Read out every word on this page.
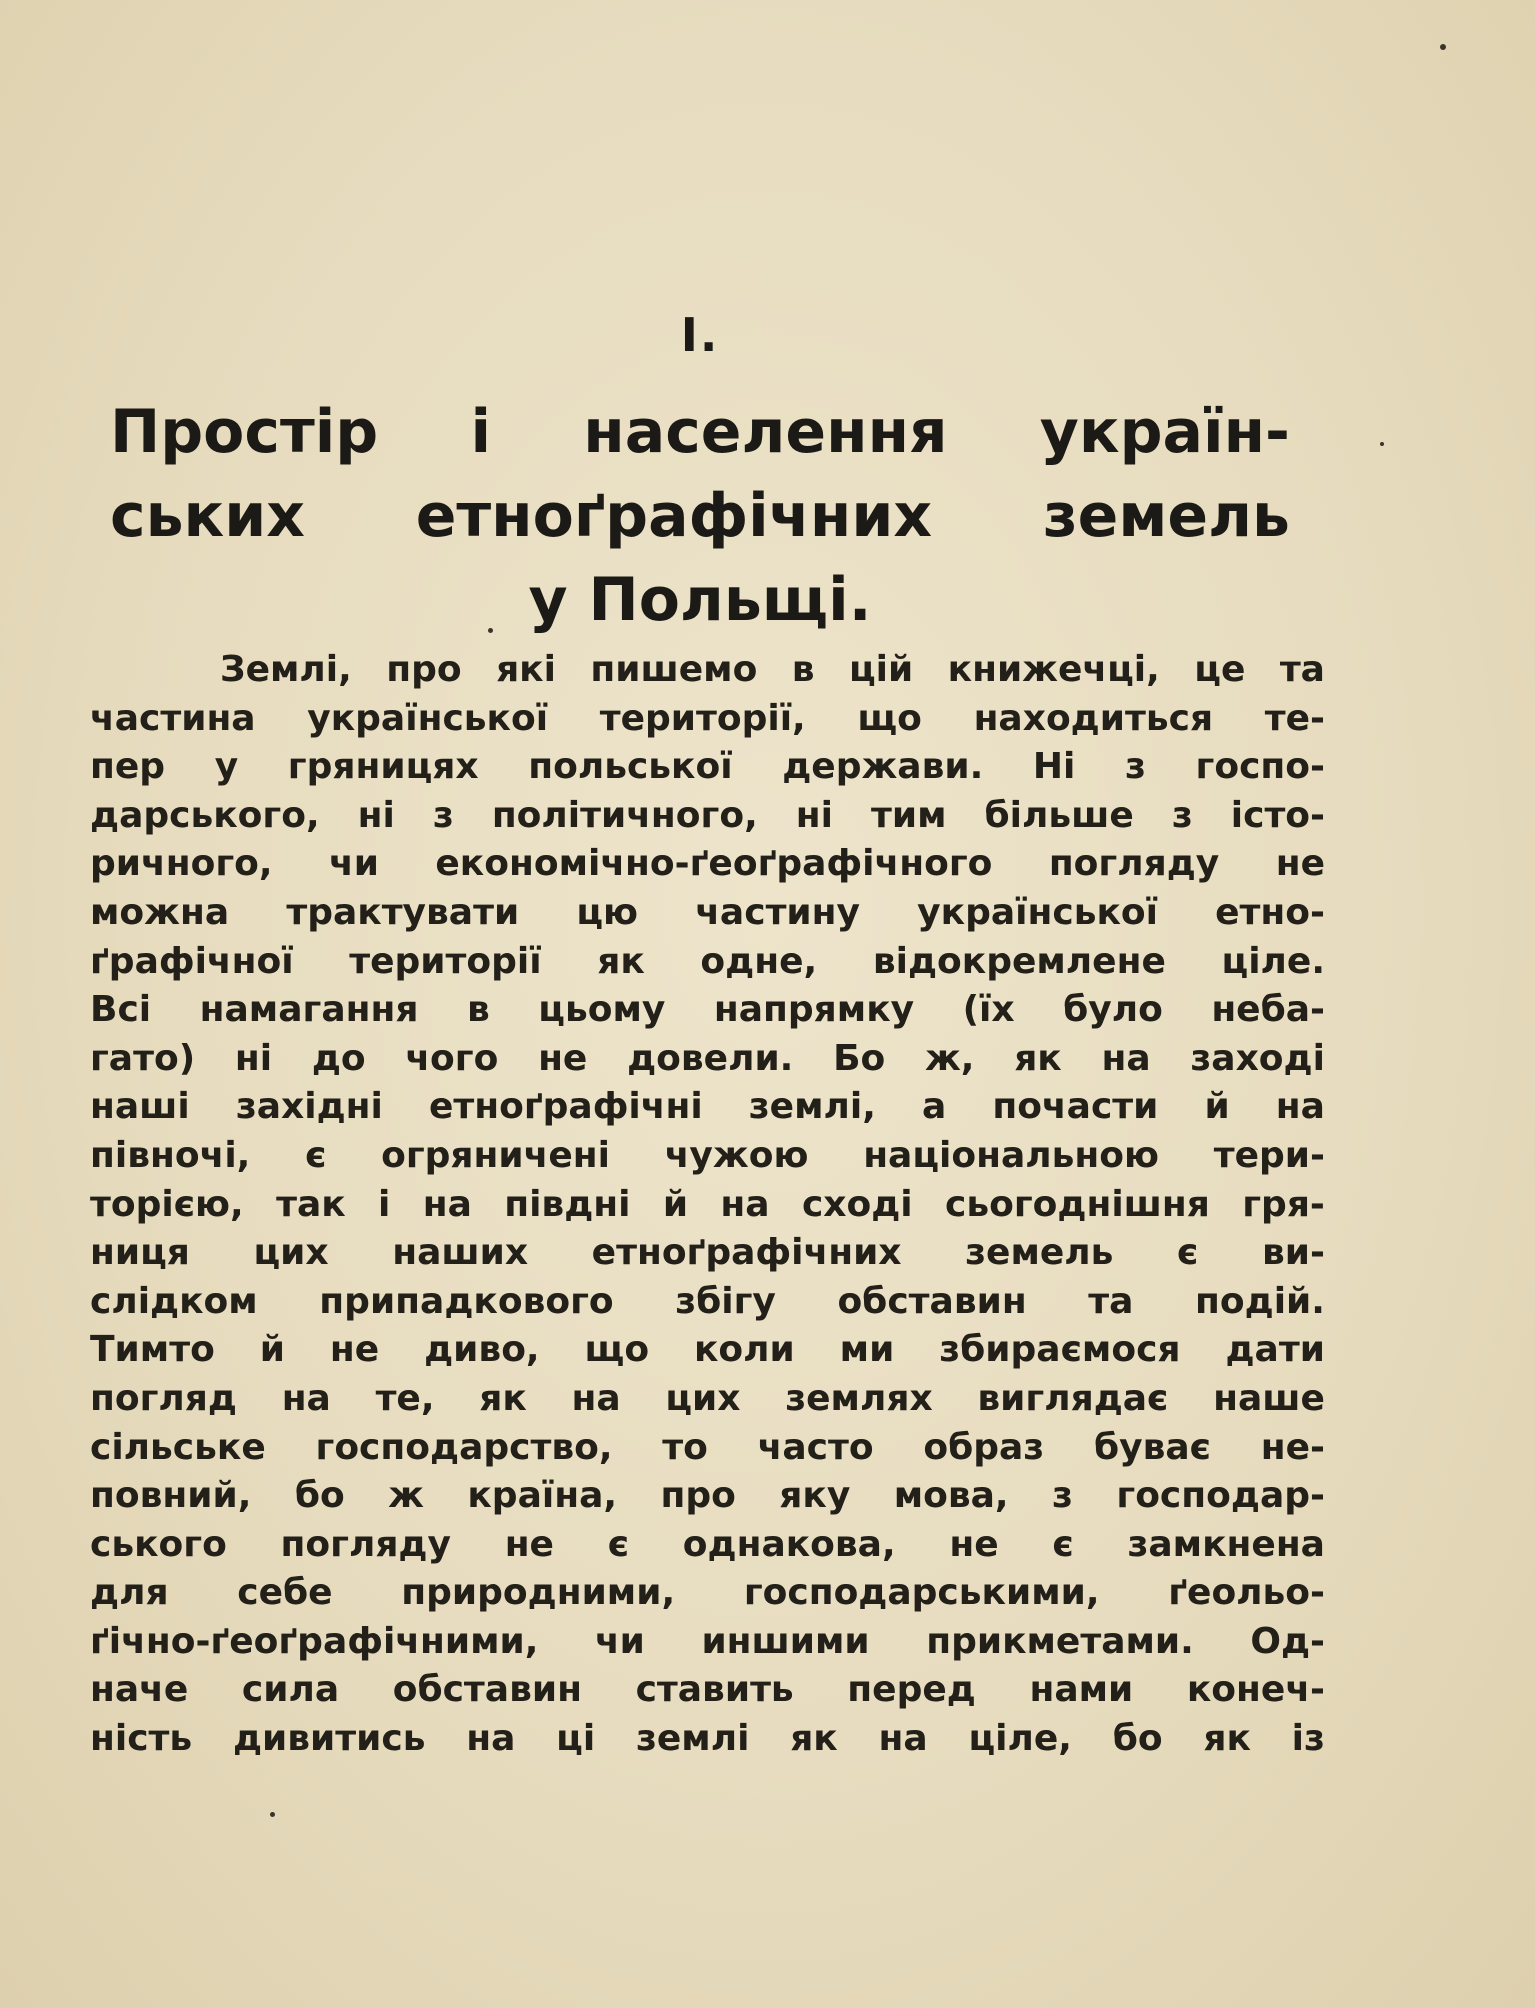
I.
Простір і населення україн-
ських етноґрафічних земель
у Польщі.
Землі, про які пишемо в цій книжечці, це та
частина української території, що находиться те-
пер у гряницях польської держави. Ні з госпо-
дарського, ні з політичного, ні тим більше з істо-
ричного, чи економічно-ґеоґрафічного погляду не
можна трактувати цю частину української етно-
ґрафічної території як одне, відокремлене ціле.
Всі намагання в цьому напрямку (їх було неба-
гато) ні до чого не довели. Бо ж, як на заході
наші західні етноґрафічні землі, а почасти й на
півночі, є огряничені чужою національною тери-
торією, так і на півдні й на сході сьогоднішня гря-
ниця цих наших етноґрафічних земель є ви-
слідком припадкового збігу обставин та подій.
Тимто й не диво, що коли ми збираємося дати
погляд на те, як на цих землях виглядає наше
сільське господарство, то часто образ буває не-
повний, бо ж країна, про яку мова, з господар-
ського погляду не є однакова, не є замкнена
для себе природними, господарськими, ґеольо-
ґічно-ґеоґрафічними, чи иншими прикметами. Од-
наче сила обставин ставить перед нами конеч-
ність дивитись на ці землі як на ціле, бо як із
